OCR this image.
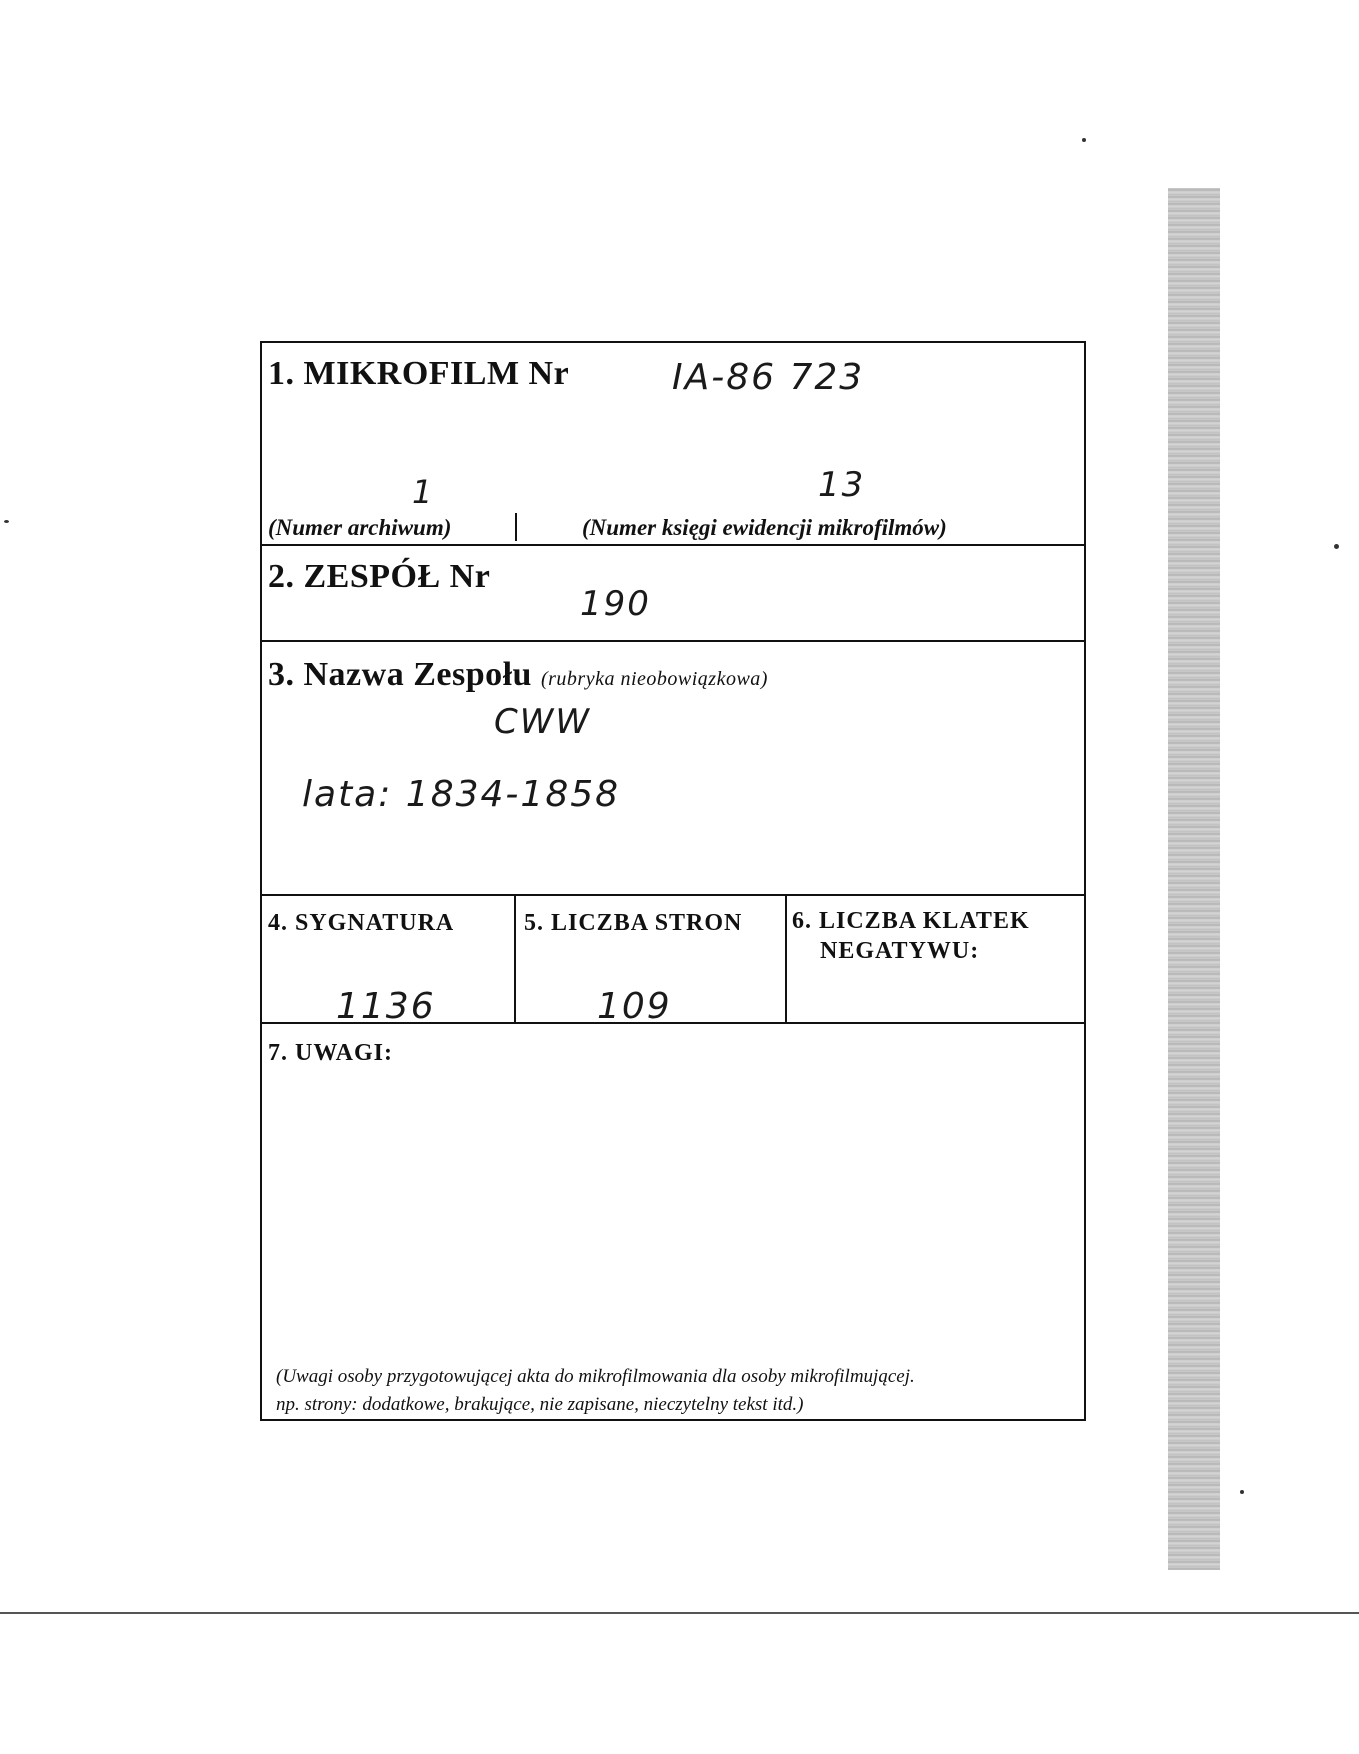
1. MIKROFILM Nr	IA-86 723
1	13
(Numer archiwum)	(Numer księgi ewidencji mikrofilmów)
2. ZESPÓŁ Nr
190
3. Nazwa Zespołu (rubryka nieobowiązkowa)
CWW
lata: 1834-1858
4. SYGNATURA
1136
5. LICZBA STRON
109
6. LICZBA KLATEK
NEGATYWU:
7. UWAGI:
(Uwagi osoby przygotowującej akta do mikrofilmowania dla osoby mikrofilmującej.
np. strony: dodatkowe, brakujące, nie zapisane, nieczytelny tekst itd.)
